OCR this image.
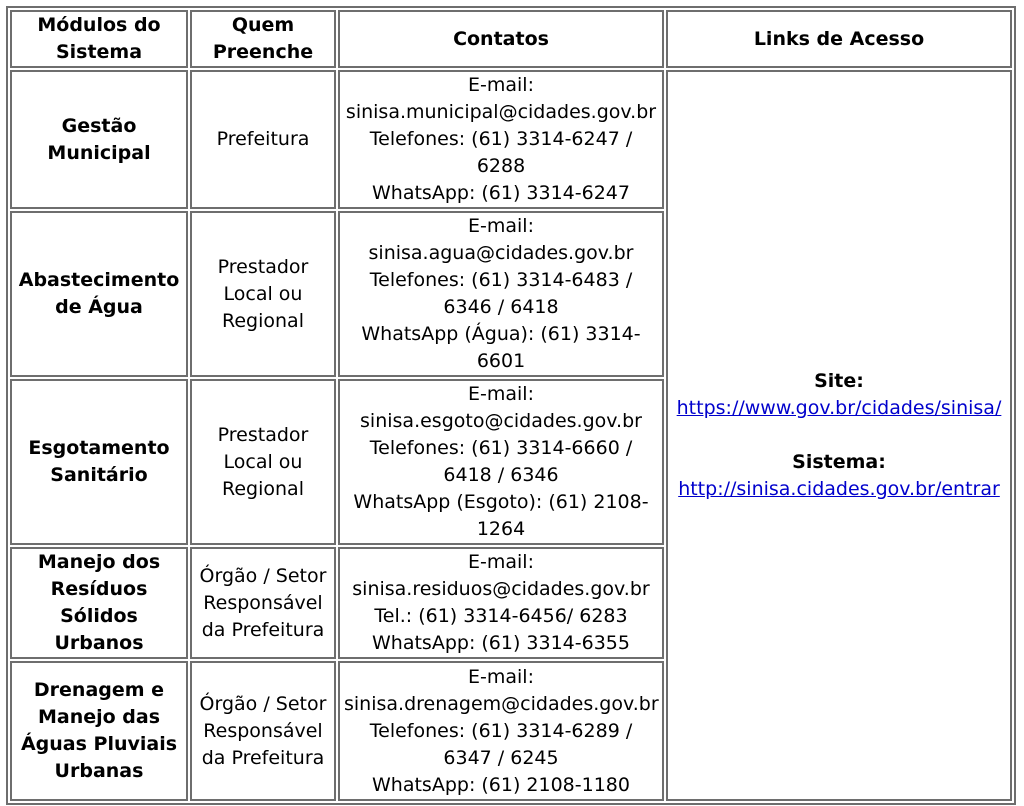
Módulos do Sistema	Quem Preenche	Contatos	Links de Acesso
Gestão Municipal	Prefeitura	E-mail:
sinisa.municipal@cidades.gov.br
Telefones: (61) 3314-6247 / 6288
WhatsApp: (61) 3314-6247	Site:
https://www.gov.br/cidades/sinisa/
Sistema:
http://sinisa.cidades.gov.br/entrar

Abastecimento de Água	Prestador Local ou Regional	E-mail:
sinisa.agua@cidades.gov.br
Telefones: (61) 3314-6483 / 6346 / 6418
WhatsApp (Água): (61) 3314-6601	

Esgotamento Sanitário	Prestador Local ou Regional	E-mail:
sinisa.esgoto@cidades.gov.br
Telefones: (61) 3314-6660 / 6418 / 6346
WhatsApp (Esgoto): (61) 2108-1264	

Manejo dos Resíduos Sólidos Urbanos	Órgão / Setor Responsável da Prefeitura	E-mail:
sinisa.residuos@cidades.gov.br
Tel.: (61) 3314-6456/ 6283
WhatsApp: (61) 3314-6355	

Drenagem e Manejo das Águas Pluviais Urbanas	Órgão / Setor Responsável da Prefeitura	E-mail:
sinisa.drenagem@cidades.gov.br
Telefones: (61) 3314-6289 / 6347 / 6245
WhatsApp: (61) 2108-1180	
